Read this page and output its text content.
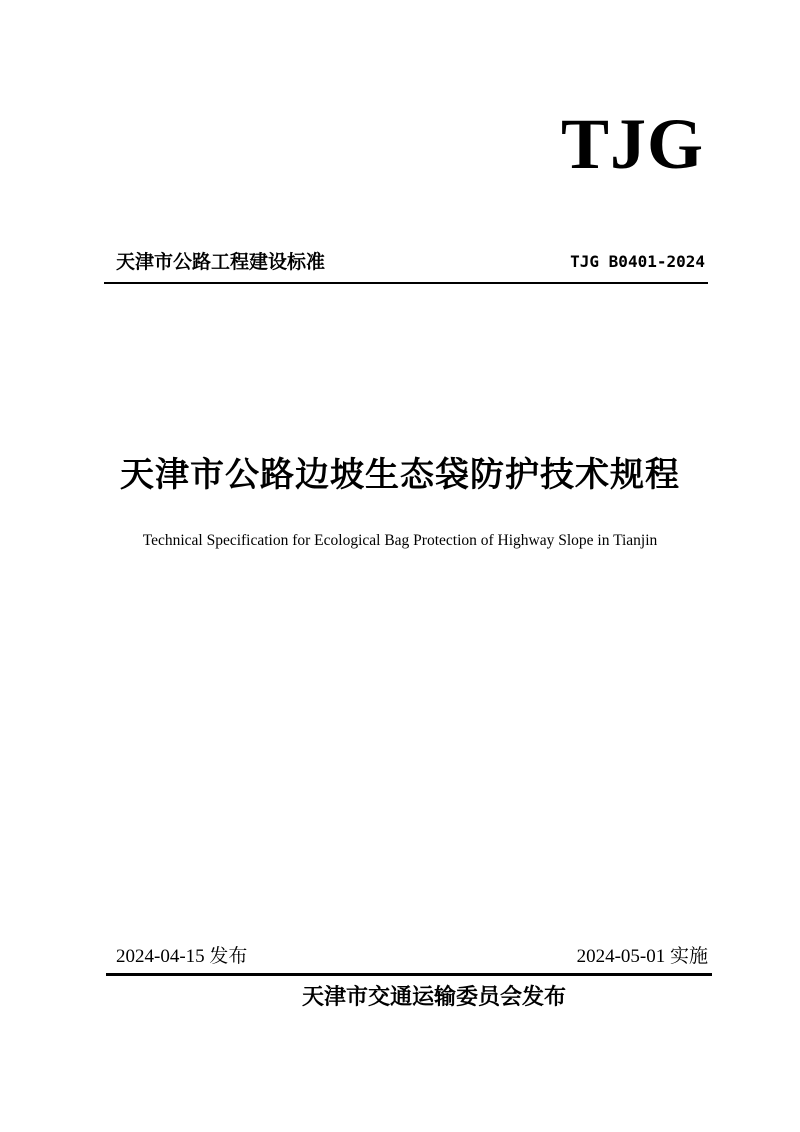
TJG
天津市公路工程建设标准	TJG B0401-2024
天津市公路边坡生态袋防护技术规程
Technical Specification for Ecological Bag Protection of Highway Slope in Tianjin
2024-04-15 发布	2024-05-01 实施
天津市交通运输委员会发布
